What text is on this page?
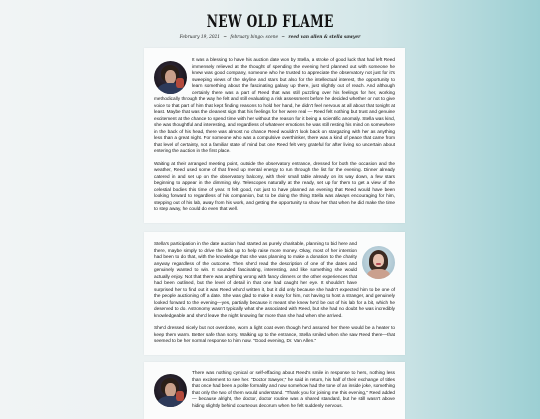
NEW OLD FLAME
February 19, 2021 ~ february bingo: scene ~ reed van allen & stella sawyer

It was a blessing to have his auction date won by Stella, a stroke of good luck that had left Reed immensely relieved at the thought of spending the evening he'd planned out with someone he knew was good company, someone who he trusted to appreciate the observatory not just for it's sweeping views of the skyline and stars but also for the intellectual interest, the opportunity to learn something about the fascinating galaxy up there, just slightly out of reach. And although certainly there was a part of Reed that was still puzzling over his feelings for her, working methodically through the way he felt and still evaluating a risk assessment before he decided whether or not to give voice to that part of him that kept finding reasons to hold her hand, he didn't feel nervous at all about that tonight at least. Maybe that was the cleanest sign that his feelings for her were real — Reed felt nothing but trust and genuine excitement at the chance to spend time with her without the reason for it being a scientific anomaly. Stella was kind, she was thoughtful and interesting, and regardless of whatever emotions he was still resting his mind on somewhere in the back of his head, there was almost no chance Reed wouldn't look back on stargazing with her as anything less than a great night. For someone who was a compulsive overthinker, there was a kind of peace that came from that level of certainty, not a familiar state of mind but one Reed felt very grateful for after living so uncertain about entering the auction in the first place.

Waiting at their arranged meeting point, outside the observatory entrance, dressed for both the occasion and the weather, Reed used some of that freed up mental energy to run through the list for the evening. Dinner already catered in and set up on the observatory balcony, with their small table already on its way down, a few stars beginning to appear in the dimming sky. Telescopes naturally at the ready, set up for them to get a view of the celestial bodies this time of year. It felt good, not just to have planned an evening that Reed would have been looking forward to regardless of his companion, but to be doing the thing Stella was always encouraging for him, stepping out of his lab, away from his work, and getting the opportunity to show her that when he did make the time to step away, he could do even that well.

Stella's participation in the date auction had started as purely charitable, planning to bid here and there, maybe simply to drive the bids up to help raise more money. Okay, most of her intention had been to do that, with the knowledge that she was planning to make a donation to the charity anyway regardless of the outcome. Then she'd read the description of one of the dates and genuinely wanted to win. It sounded fascinating, interesting, and like something she would actually enjoy. Not that there was anything wrong with fancy dinners or the other experiences that had been outlined, but the level of detail in that one had caught her eye. It shouldn't have surprised her to find out it was Reed who'd written it, but it did only because she hadn't expected him to be one of the people auctioning off a date. She was glad to make it easy for him, not having to host a stranger, and genuinely looked forward to the evening—yes, partially because it meant she knew he'd be out of his lab for a bit, which he deserved to do. Astronomy wasn't typically what she associated with Reed, but she had no doubt he was incredibly knowledgeable and she'd leave the night knowing far more than she had when she arrived.

She'd dressed nicely but not overdone, worn a light coat even though he'd assured her there would be a heater to keep them warm. Better safe than sorry. Walking up to the entrance, Stella smiled when she saw Reed there—that seemed to be her normal response to him now. "Good evening, Dr. Van Allen."

There was nothing cynical or self-effacing about Reed's smile in response to hers, nothing less than excitement to see her. "Doctor Sawyer," he said in return, his half of their exchange of titles that once had been a polite formality and now somehow had the tone of an inside joke, something that only the two of them would understand. "Thank you for joining me this evening," Reed added — because alright, the doctor, doctor routine was a shared standard, but he still wasn't above hiding slightly behind courteous decorum when he felt suddenly nervous.
